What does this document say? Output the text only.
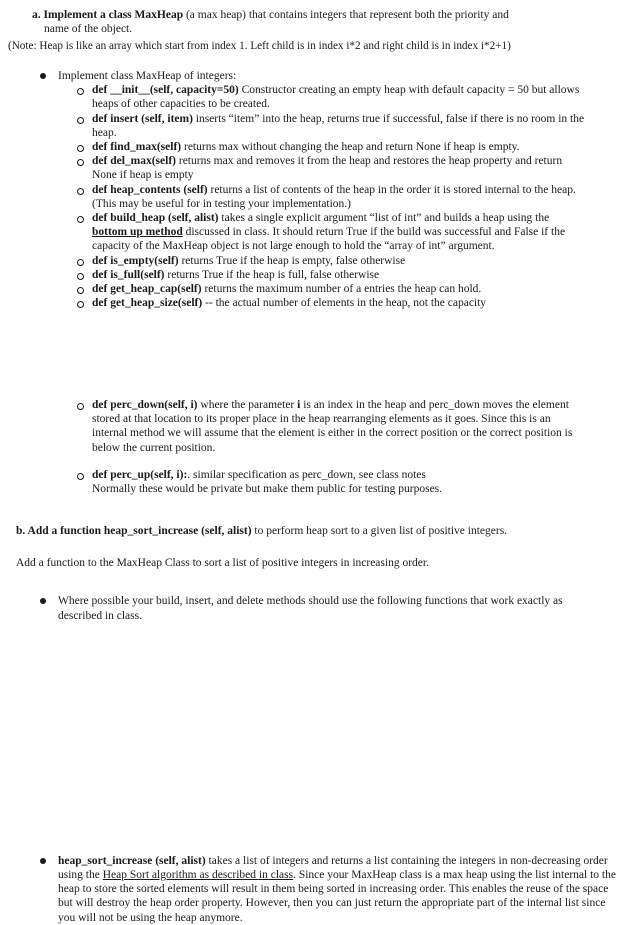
a. Implement a class MaxHeap (a max heap) that contains integers that represent both the priority and
name of the object.
(Note: Heap is like an array which start from index 1. Left child is in index i*2 and right child is in index i*2+1)
Implement class MaxHeap of integers:
def __init__(self, capacity=50) Constructor creating an empty heap with default capacity = 50 but allows heaps of other capacities to be created.
def insert (self, item) inserts “item” into the heap, returns true if successful, false if there is no room in the heap.
def find_max(self) returns max without changing the heap and return None if heap is empty.
def del_max(self) returns max and removes it from the heap and restores the heap property and return None if heap is empty
def heap_contents (self) returns a list of contents of the heap in the order it is stored internal to the heap. (This may be useful for in testing your implementation.)
def build_heap (self, alist) takes a single explicit argument “list of int” and builds a heap using the bottom up method discussed in class. It should return True if the build was successful and False if the capacity of the MaxHeap object is not large enough to hold the “array of int” argument.
def is_empty(self) returns True if the heap is empty, false otherwise
def is_full(self) returns True if the heap is full, false otherwise
def get_heap_cap(self) returns the maximum number of a entries the heap can hold.
def get_heap_size(self) -- the actual number of elements in the heap, not the capacity
Where possible your build, insert, and delete methods should use the following functions that work exactly as described in class.
def perc_down(self, i) where the parameter i is an index in the heap and perc_down moves the element stored at that location to its proper place in the heap rearranging elements as it goes. Since this is an internal method we will assume that the element is either in the correct position or the correct position is below the current position.
def perc_up(self, i):. similar specification as perc_down, see class notes
Normally these would be private but make them public for testing purposes.
b. Add a function heap_sort_increase (self, alist) to perform heap sort to a given list of positive integers.
Add a function to the MaxHeap Class to sort a list of positive integers in increasing order.
heap_sort_increase (self, alist) takes a list of integers and returns a list containing the integers in non-decreasing order using the Heap Sort algorithm as described in class. Since your MaxHeap class is a max heap using the list internal to the heap to store the sorted elements will result in them being sorted in increasing order. This enables the reuse of the space but will destroy the heap order property. However, then you can just return the appropriate part of the internal list since you will not be using the heap anymore.
